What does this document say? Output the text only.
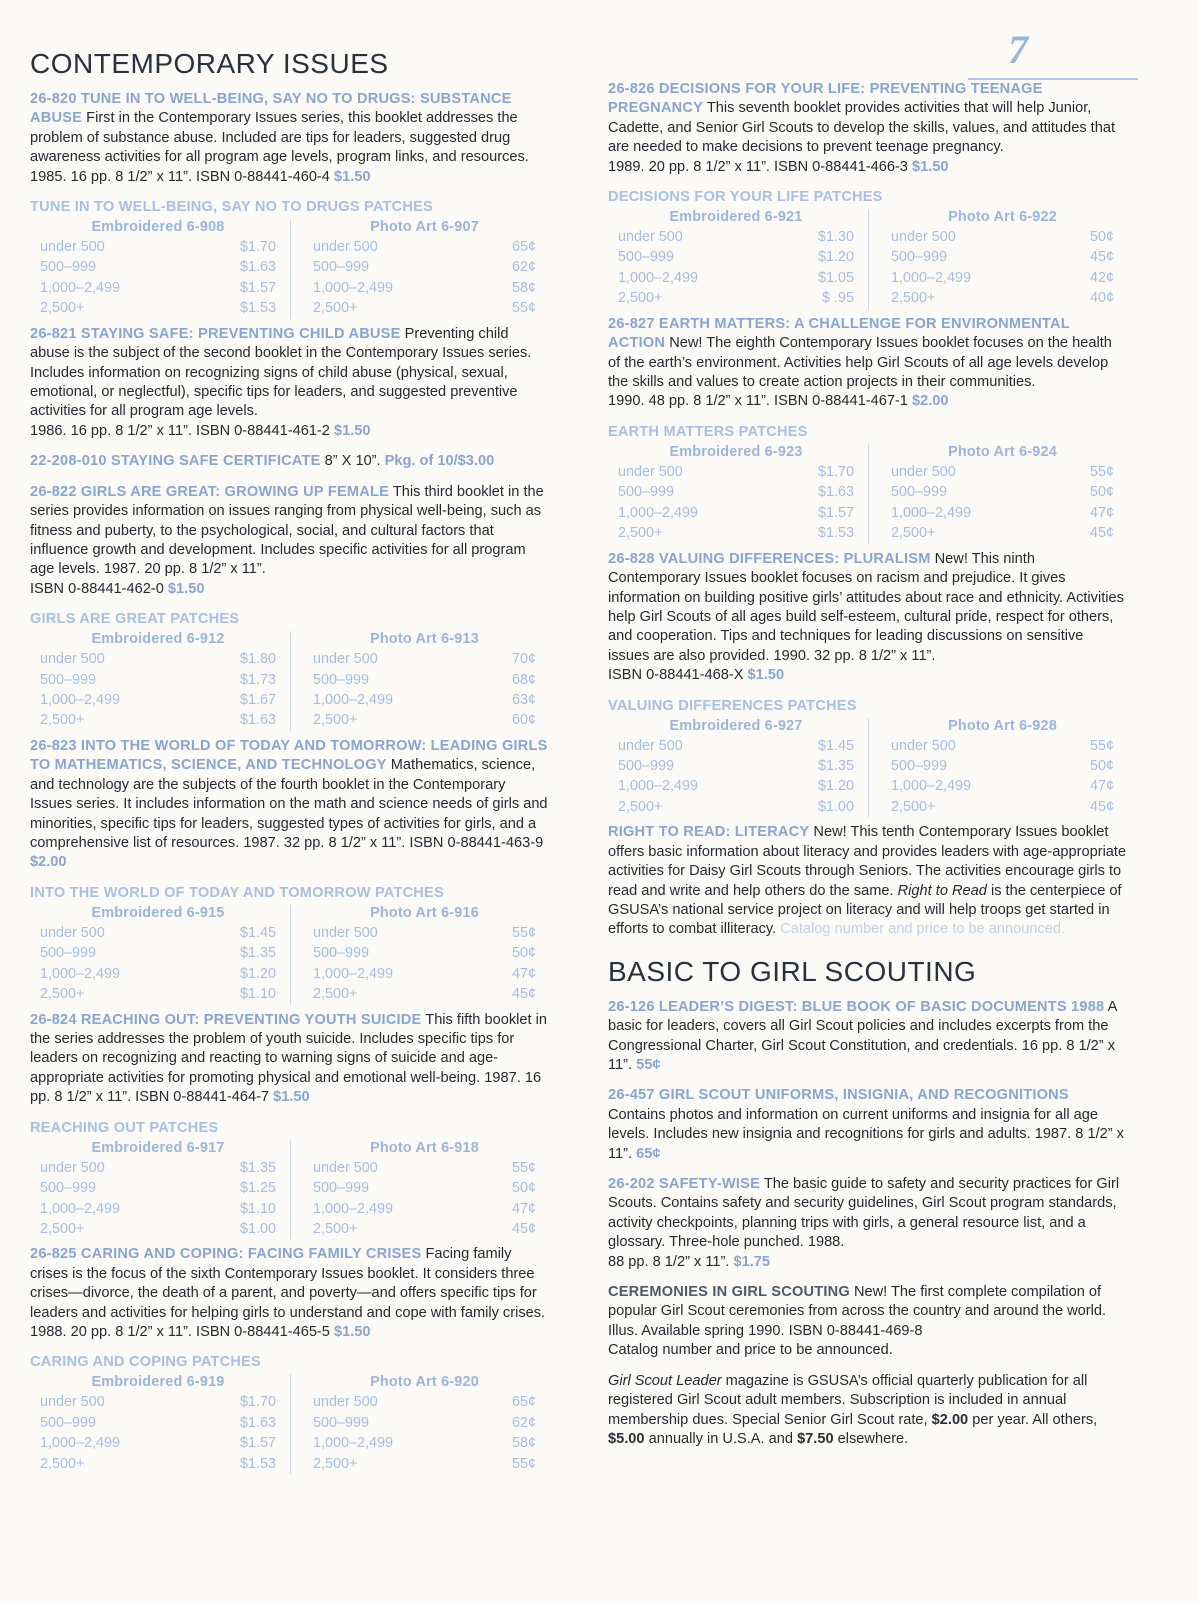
7
CONTEMPORARY ISSUES

26-820 TUNE IN TO WELL-BEING, SAY NO TO DRUGS: SUBSTANCE ABUSE First in the Contemporary Issues series, this booklet addresses the problem of substance abuse. Included are tips for leaders, suggested drug awareness activities for all program age levels, program links, and resources. 1985. 16 pp. 8 1/2” x 11”. ISBN 0-88441-460-4 $1.50

TUNE IN TO WELL-BEING, SAY NO TO DRUGS PATCHES
Embroidered 6-908
under 500	$1.70
500–999	$1.63
1,000–2,499	$1.57
2,500+	$1.53
Photo Art 6-907
under 500	65¢
500–999	62¢
1,000–2,499	58¢
2,500+	55¢

26-821 STAYING SAFE: PREVENTING CHILD ABUSE Preventing child abuse is the subject of the second booklet in the Contemporary Issues series. Includes information on recognizing signs of child abuse (physical, sexual, emotional, or neglectful), specific tips for leaders, and suggested preventive activities for all program age levels.

1986. 16 pp. 8 1/2” x 11”. ISBN 0-88441-461-2 $1.50

22-208-010 STAYING SAFE CERTIFICATE 8” X 10”. Pkg. of 10/$3.00

26-822 GIRLS ARE GREAT: GROWING UP FEMALE This third booklet in the series provides information on issues ranging from physical well-being, such as fitness and puberty, to the psychological, social, and cultural factors that influence growth and development. Includes specific activities for all program age levels. 1987. 20 pp. 8 1/2” x 11”.

ISBN 0-88441-462-0 $1.50

GIRLS ARE GREAT PATCHES
Embroidered 6-912
under 500	$1.80
500–999	$1.73
1,000–2,499	$1.67
2,500+	$1.63
Photo Art 6-913
under 500	70¢
500–999	68¢
1,000–2,499	63¢
2,500+	60¢

26-823 INTO THE WORLD OF TODAY AND TOMORROW: LEADING GIRLS TO MATHEMATICS, SCIENCE, AND TECHNOLOGY Mathematics, science, and technology are the subjects of the fourth booklet in the Contemporary Issues series. It includes information on the math and science needs of girls and minorities, specific tips for leaders, suggested types of activities for girls, and a comprehensive list of resources. 1987. 32 pp. 8 1/2” x 11”. ISBN 0-88441-463-9 $2.00

INTO THE WORLD OF TODAY AND TOMORROW PATCHES
Embroidered 6-915
under 500	$1.45
500–999	$1.35
1,000–2,499	$1.20
2,500+	$1.10
Photo Art 6-916
under 500	55¢
500–999	50¢
1,000–2,499	47¢
2,500+	45¢

26-824 REACHING OUT: PREVENTING YOUTH SUICIDE This fifth booklet in the series addresses the problem of youth suicide. Includes specific tips for leaders on recognizing and reacting to warning signs of suicide and age-appropriate activities for promoting physical and emotional well-being. 1987. 16 pp. 8 1/2” x 11”. ISBN 0-88441-464-7 $1.50

REACHING OUT PATCHES
Embroidered 6-917
under 500	$1.35
500–999	$1.25
1,000–2,499	$1.10
2,500+	$1.00
Photo Art 6-918
under 500	55¢
500–999	50¢
1,000–2,499	47¢
2,500+	45¢

26-825 CARING AND COPING: FACING FAMILY CRISES Facing family crises is the focus of the sixth Contemporary Issues booklet. It considers three crises—divorce, the death of a parent, and poverty—and offers specific tips for leaders and activities for helping girls to understand and cope with family crises.

1988. 20 pp. 8 1/2” x 11”. ISBN 0-88441-465-5 $1.50

CARING AND COPING PATCHES
Embroidered 6-919
under 500	$1.70
500–999	$1.63
1,000–2,499	$1.57
2,500+	$1.53
Photo Art 6-920
under 500	65¢
500–999	62¢
1,000–2,499	58¢
2,500+	55¢

26-826 DECISIONS FOR YOUR LIFE: PREVENTING TEENAGE PREGNANCY This seventh booklet provides activities that will help Junior, Cadette, and Senior Girl Scouts to develop the skills, values, and attitudes that are needed to make decisions to prevent teenage pregnancy.

1989. 20 pp. 8 1/2” x 11”. ISBN 0-88441-466-3 $1.50

DECISIONS FOR YOUR LIFE PATCHES
Embroidered 6-921
under 500	$1.30
500–999	$1.20
1,000–2,499	$1.05
2,500+	$ .95
Photo Art 6-922
under 500	50¢
500–999	45¢
1,000–2,499	42¢
2,500+	40¢

26-827 EARTH MATTERS: A CHALLENGE FOR ENVIRONMENTAL ACTION New! The eighth Contemporary Issues booklet focuses on the health of the earth’s environment. Activities help Girl Scouts of all age levels develop the skills and values to create action projects in their communities.

1990. 48 pp. 8 1/2” x 11”. ISBN 0-88441-467-1 $2.00

EARTH MATTERS PATCHES
Embroidered 6-923
under 500	$1.70
500–999	$1.63
1,000–2,499	$1.57
2,500+	$1.53
Photo Art 6-924
under 500	55¢
500–999	50¢
1,000–2,499	47¢
2,500+	45¢

26-828 VALUING DIFFERENCES: PLURALISM New! This ninth Contemporary Issues booklet focuses on racism and prejudice. It gives information on building positive girls’ attitudes about race and ethnicity. Activities help Girl Scouts of all ages build self-esteem, cultural pride, respect for others, and cooperation. Tips and techniques for leading discussions on sensitive issues are also provided. 1990. 32 pp. 8 1/2” x 11”.

ISBN 0-88441-468-X $1.50

VALUING DIFFERENCES PATCHES
Embroidered 6-927
under 500	$1.45
500–999	$1.35
1,000–2,499	$1.20
2,500+	$1.00
Photo Art 6-928
under 500	55¢
500–999	50¢
1,000–2,499	47¢
2,500+	45¢

RIGHT TO READ: LITERACY New! This tenth Contemporary Issues booklet offers basic information about literacy and provides leaders with age-appropriate activities for Daisy Girl Scouts through Seniors. The activities encourage girls to read and write and help others do the same. Right to Read is the centerpiece of GSUSA’s national service project on literacy and will help troops get started in efforts to combat illiteracy. Catalog number and price to be announced.

BASIC TO GIRL SCOUTING

26-126 LEADER’S DIGEST: BLUE BOOK OF BASIC DOCUMENTS 1988 A basic for leaders, covers all Girl Scout policies and includes excerpts from the Congressional Charter, Girl Scout Constitution, and credentials. 16 pp. 8 1/2” x 11”. 55¢

26-457 GIRL SCOUT UNIFORMS, INSIGNIA, AND RECOGNITIONS Contains photos and information on current uniforms and insignia for all age levels. Includes new insignia and recognitions for girls and adults. 1987. 8 1/2” x 11”. 65¢

26-202 SAFETY-WISE The basic guide to safety and security practices for Girl Scouts. Contains safety and security guidelines, Girl Scout program standards, activity checkpoints, planning trips with girls, a general resource list, and a glossary. Three-hole punched. 1988.

88 pp. 8 1/2” x 11”. $1.75

CEREMONIES IN GIRL SCOUTING New! The first complete compilation of popular Girl Scout ceremonies from across the country and around the world. Illus. Available spring 1990. ISBN 0-88441-469-8

Catalog number and price to be announced.

Girl Scout Leader magazine is GSUSA’s official quarterly publication for all registered Girl Scout adult members. Subscription is included in annual membership dues. Special Senior Girl Scout rate, $2.00 per year. All others, $5.00 annually in U.S.A. and $7.50 elsewhere.
